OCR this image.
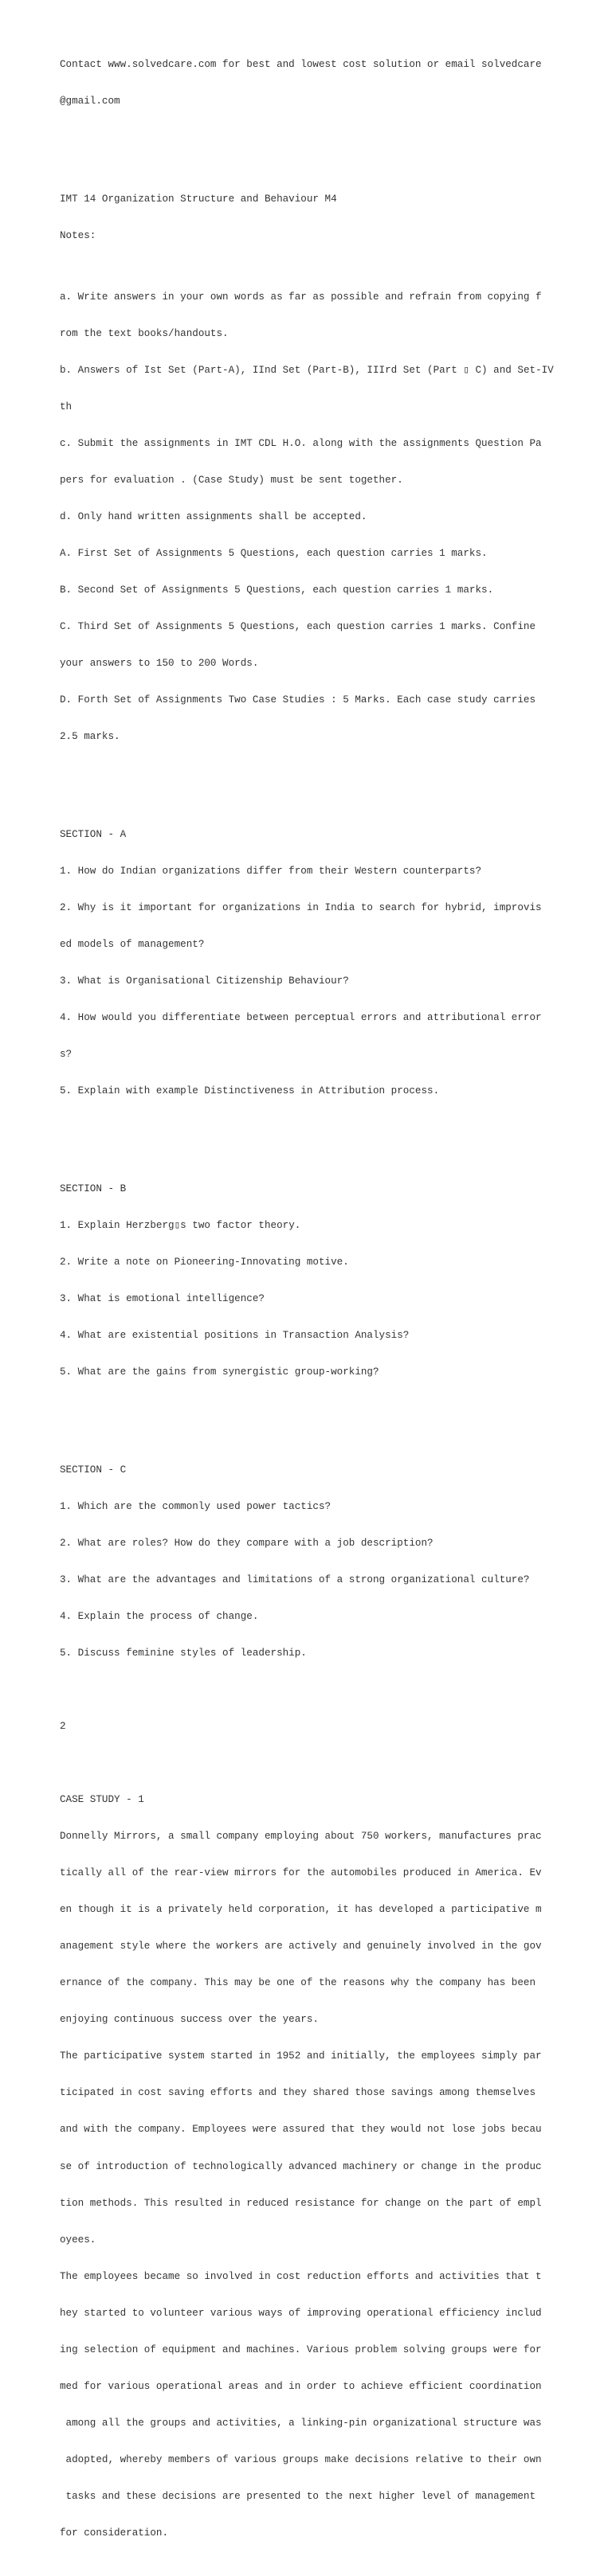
Contact www.solvedcare.com for best and lowest cost solution or email solvedcare

@gmail.com

IMT 14 Organization Structure and Behaviour M4

Notes:

a. Write answers in your own words as far as possible and refrain from copying f

rom the text books/handouts.

b. Answers of Ist Set (Part-A), IInd Set (Part-B), IIIrd Set (Part ▯ C) and Set-IV

th

c. Submit the assignments in IMT CDL H.O. along with the assignments Question Pa

pers for evaluation . (Case Study) must be sent together.

d. Only hand written assignments shall be accepted.

A. First Set of Assignments 5 Questions, each question carries 1 marks.

B. Second Set of Assignments 5 Questions, each question carries 1 marks.

C. Third Set of Assignments 5 Questions, each question carries 1 marks. Confine

your answers to 150 to 200 Words.

D. Forth Set of Assignments Two Case Studies : 5 Marks. Each case study carries

2.5 marks.

SECTION - A

1. How do Indian organizations differ from their Western counterparts?

2. Why is it important for organizations in India to search for hybrid, improvis

ed models of management?

3. What is Organisational Citizenship Behaviour?

4. How would you differentiate between perceptual errors and attributional error

s?

5. Explain with example Distinctiveness in Attribution process.

SECTION - B

1. Explain Herzberg▯s two factor theory.

2. Write a note on Pioneering-Innovating motive.

3. What is emotional intelligence?

4. What are existential positions in Transaction Analysis?

5. What are the gains from synergistic group-working?

SECTION - C

1. Which are the commonly used power tactics?

2. What are roles? How do they compare with a job description?

3. What are the advantages and limitations of a strong organizational culture?

4. Explain the process of change.

5. Discuss feminine styles of leadership.

2

CASE STUDY - 1

Donnelly Mirrors, a small company employing about 750 workers, manufactures prac

tically all of the rear-view mirrors for the automobiles produced in America. Ev

en though it is a privately held corporation, it has developed a participative m

anagement style where the workers are actively and genuinely involved in the gov

ernance of the company. This may be one of the reasons why the company has been

enjoying continuous success over the years.

The participative system started in 1952 and initially, the employees simply par

ticipated in cost saving efforts and they shared those savings among themselves

and with the company. Employees were assured that they would not lose jobs becau

se of introduction of technologically advanced machinery or change in the produc

tion methods. This resulted in reduced resistance for change on the part of empl

oyees.

The employees became so involved in cost reduction efforts and activities that t

hey started to volunteer various ways of improving operational efficiency includ

ing selection of equipment and machines. Various problem solving groups were for

med for various operational areas and in order to achieve efficient coordination

among all the groups and activities, a linking-pin organizational structure was

adopted, whereby members of various groups make decisions relative to their own

tasks and these decisions are presented to the next higher level of management

for consideration.
